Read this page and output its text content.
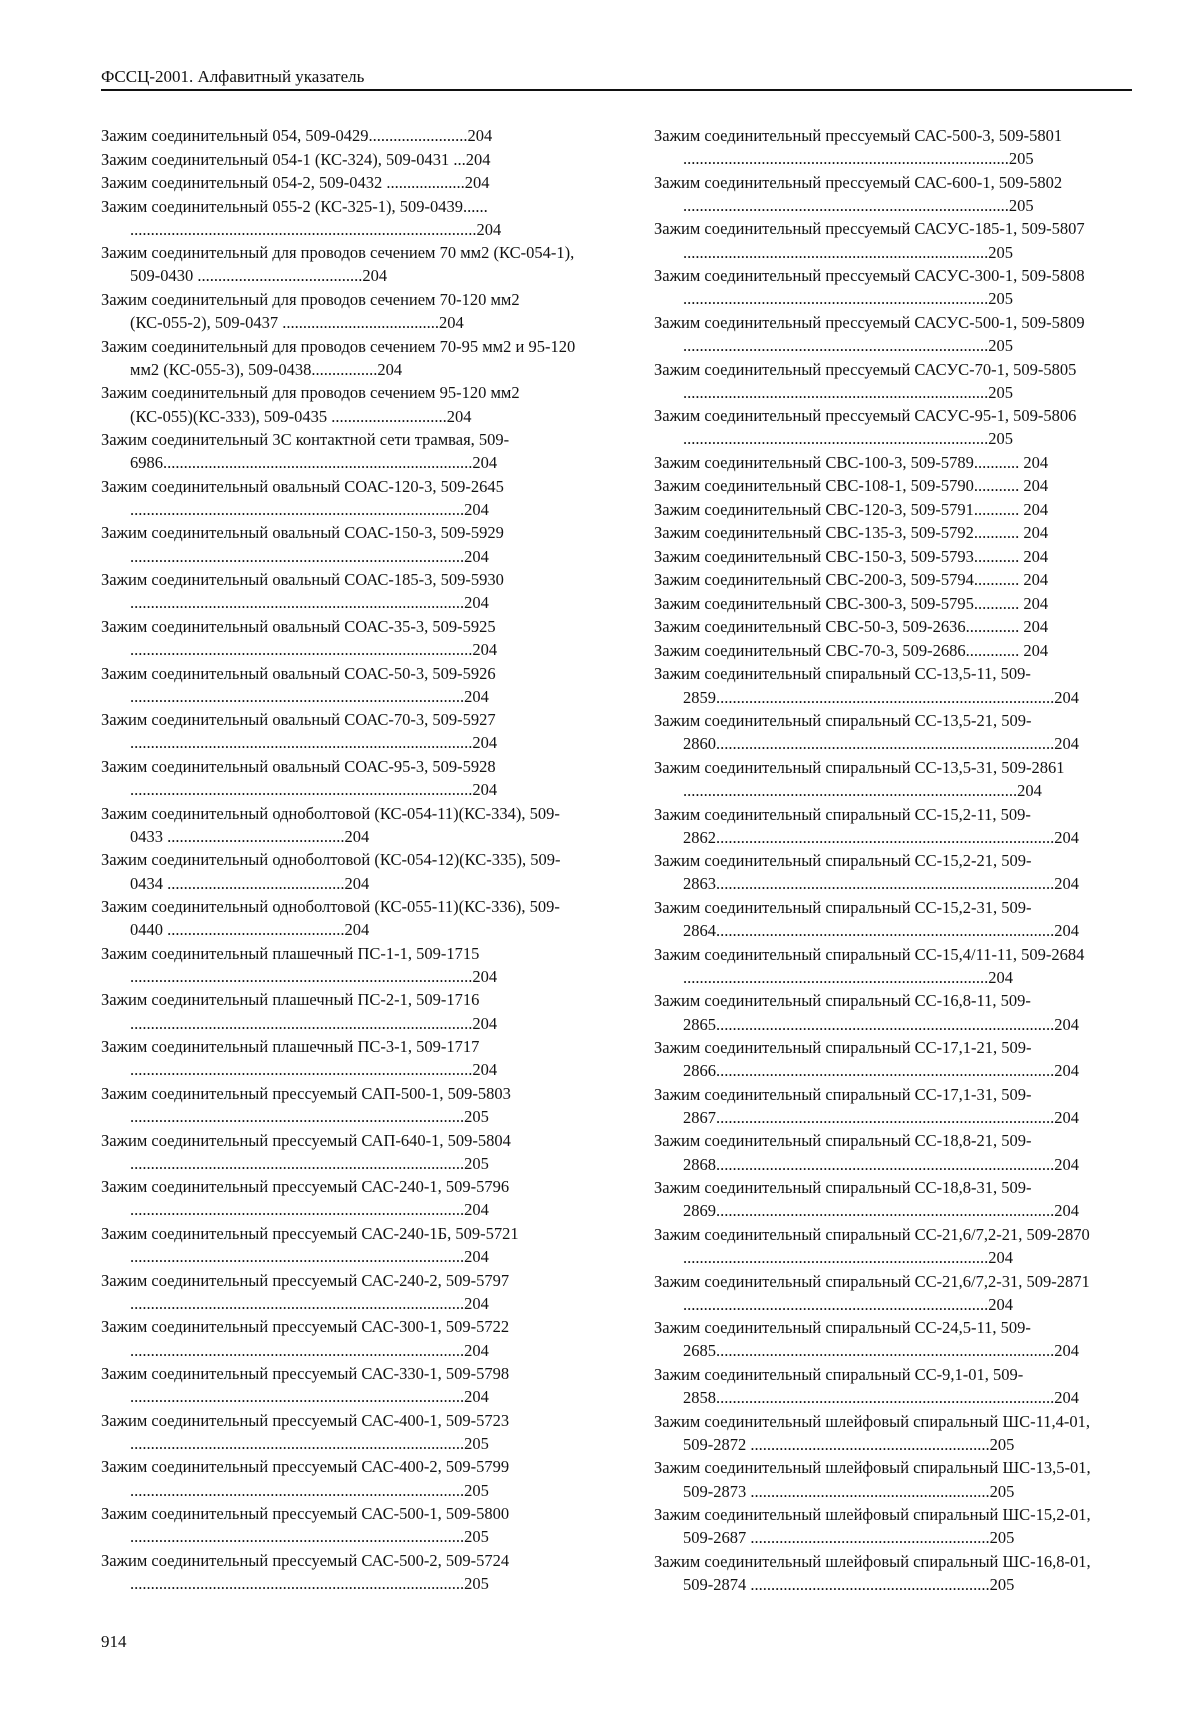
ФССЦ-2001. Алфавитный указатель

Зажим соединительный 054, 509-0429........................204

Зажим соединительный 054-1 (КС-324), 509-0431 ...204

Зажим соединительный 054-2, 509-0432 ...................204

Зажим соединительный 055-2 (КС-325-1), 509-0439...... ....................................................................................204

Зажим соединительный для проводов сечением 70 мм2 (КС-054-1), 509-0430 ........................................204

Зажим соединительный для проводов сечением 70-120 мм2 (КС-055-2), 509-0437 ......................................204

Зажим соединительный для проводов сечением 70-95 мм2 и 95-120 мм2 (КС-055-3), 509-0438................204

Зажим соединительный для проводов сечением 95-120 мм2 (КС-055)(КС-333), 509-0435 ............................204

Зажим соединительный 3С контактной сети трамвая, 509-6986...........................................................................204

Зажим соединительный овальный СОАС-120-3, 509-2645 .................................................................................204

Зажим соединительный овальный СОАС-150-3, 509-5929 .................................................................................204

Зажим соединительный овальный СОАС-185-3, 509-5930 .................................................................................204

Зажим соединительный овальный СОАС-35-3, 509-5925 ...................................................................................204

Зажим соединительный овальный СОАС-50-3, 509-5926 .................................................................................204

Зажим соединительный овальный СОАС-70-3, 509-5927 ...................................................................................204

Зажим соединительный овальный СОАС-95-3, 509-5928 ...................................................................................204

Зажим соединительный одноболтовой (КС-054-11)(КС-334), 509-0433 ...........................................204

Зажим соединительный одноболтовой (КС-054-12)(КС-335), 509-0434 ...........................................204

Зажим соединительный одноболтовой (КС-055-11)(КС-336), 509-0440 ...........................................204

Зажим соединительный плашечный ПС-1-1, 509-1715 ...................................................................................204

Зажим соединительный плашечный ПС-2-1, 509-1716 ...................................................................................204

Зажим соединительный плашечный ПС-3-1, 509-1717 ...................................................................................204

Зажим соединительный прессуемый САП-500-1, 509-5803 .................................................................................205

Зажим соединительный прессуемый САП-640-1, 509-5804 .................................................................................205

Зажим соединительный прессуемый САС-240-1, 509-5796 .................................................................................204

Зажим соединительный прессуемый САС-240-1Б, 509-5721 .................................................................................204

Зажим соединительный прессуемый САС-240-2, 509-5797 .................................................................................204

Зажим соединительный прессуемый САС-300-1, 509-5722 .................................................................................204

Зажим соединительный прессуемый САС-330-1, 509-5798 .................................................................................204

Зажим соединительный прессуемый САС-400-1, 509-5723 .................................................................................205

Зажим соединительный прессуемый САС-400-2, 509-5799 .................................................................................205

Зажим соединительный прессуемый САС-500-1, 509-5800 .................................................................................205

Зажим соединительный прессуемый САС-500-2, 509-5724 .................................................................................205

Зажим соединительный прессуемый САС-500-3, 509-5801 ...............................................................................205

Зажим соединительный прессуемый САС-600-1, 509-5802 ...............................................................................205

Зажим соединительный прессуемый САСУС-185-1, 509-5807 ..........................................................................205

Зажим соединительный прессуемый САСУС-300-1, 509-5808 ..........................................................................205

Зажим соединительный прессуемый САСУС-500-1, 509-5809 ..........................................................................205

Зажим соединительный прессуемый САСУС-70-1, 509-5805 ..........................................................................205

Зажим соединительный прессуемый САСУС-95-1, 509-5806 ..........................................................................205

Зажим соединительный СВС-100-3, 509-5789........... 204

Зажим соединительный СВС-108-1, 509-5790........... 204

Зажим соединительный СВС-120-3, 509-5791........... 204

Зажим соединительный СВС-135-3, 509-5792........... 204

Зажим соединительный СВС-150-3, 509-5793........... 204

Зажим соединительный СВС-200-3, 509-5794........... 204

Зажим соединительный СВС-300-3, 509-5795........... 204

Зажим соединительный СВС-50-3, 509-2636............. 204

Зажим соединительный СВС-70-3, 509-2686............. 204

Зажим соединительный спиральный СС-13,5-11, 509-2859..................................................................................204

Зажим соединительный спиральный СС-13,5-21, 509-2860..................................................................................204

Зажим соединительный спиральный СС-13,5-31, 509-2861 .................................................................................204

Зажим соединительный спиральный СС-15,2-11, 509-2862..................................................................................204

Зажим соединительный спиральный СС-15,2-21, 509-2863..................................................................................204

Зажим соединительный спиральный СС-15,2-31, 509-2864..................................................................................204

Зажим соединительный спиральный СС-15,4/11-11, 509-2684 ..........................................................................204

Зажим соединительный спиральный СС-16,8-11, 509-2865..................................................................................204

Зажим соединительный спиральный СС-17,1-21, 509-2866..................................................................................204

Зажим соединительный спиральный СС-17,1-31, 509-2867..................................................................................204

Зажим соединительный спиральный СС-18,8-21, 509-2868..................................................................................204

Зажим соединительный спиральный СС-18,8-31, 509-2869..................................................................................204

Зажим соединительный спиральный СС-21,6/7,2-21, 509-2870 ..........................................................................204

Зажим соединительный спиральный СС-21,6/7,2-31, 509-2871 ..........................................................................204

Зажим соединительный спиральный СС-24,5-11, 509-2685..................................................................................204

Зажим соединительный спиральный СС-9,1-01, 509-2858..................................................................................204

Зажим соединительный шлейфовый спиральный ШС-11,4-01, 509-2872 ..........................................................205

Зажим соединительный шлейфовый спиральный ШС-13,5-01, 509-2873 ..........................................................205

Зажим соединительный шлейфовый спиральный ШС-15,2-01, 509-2687 ..........................................................205

Зажим соединительный шлейфовый спиральный ШС-16,8-01, 509-2874 ..........................................................205

914
